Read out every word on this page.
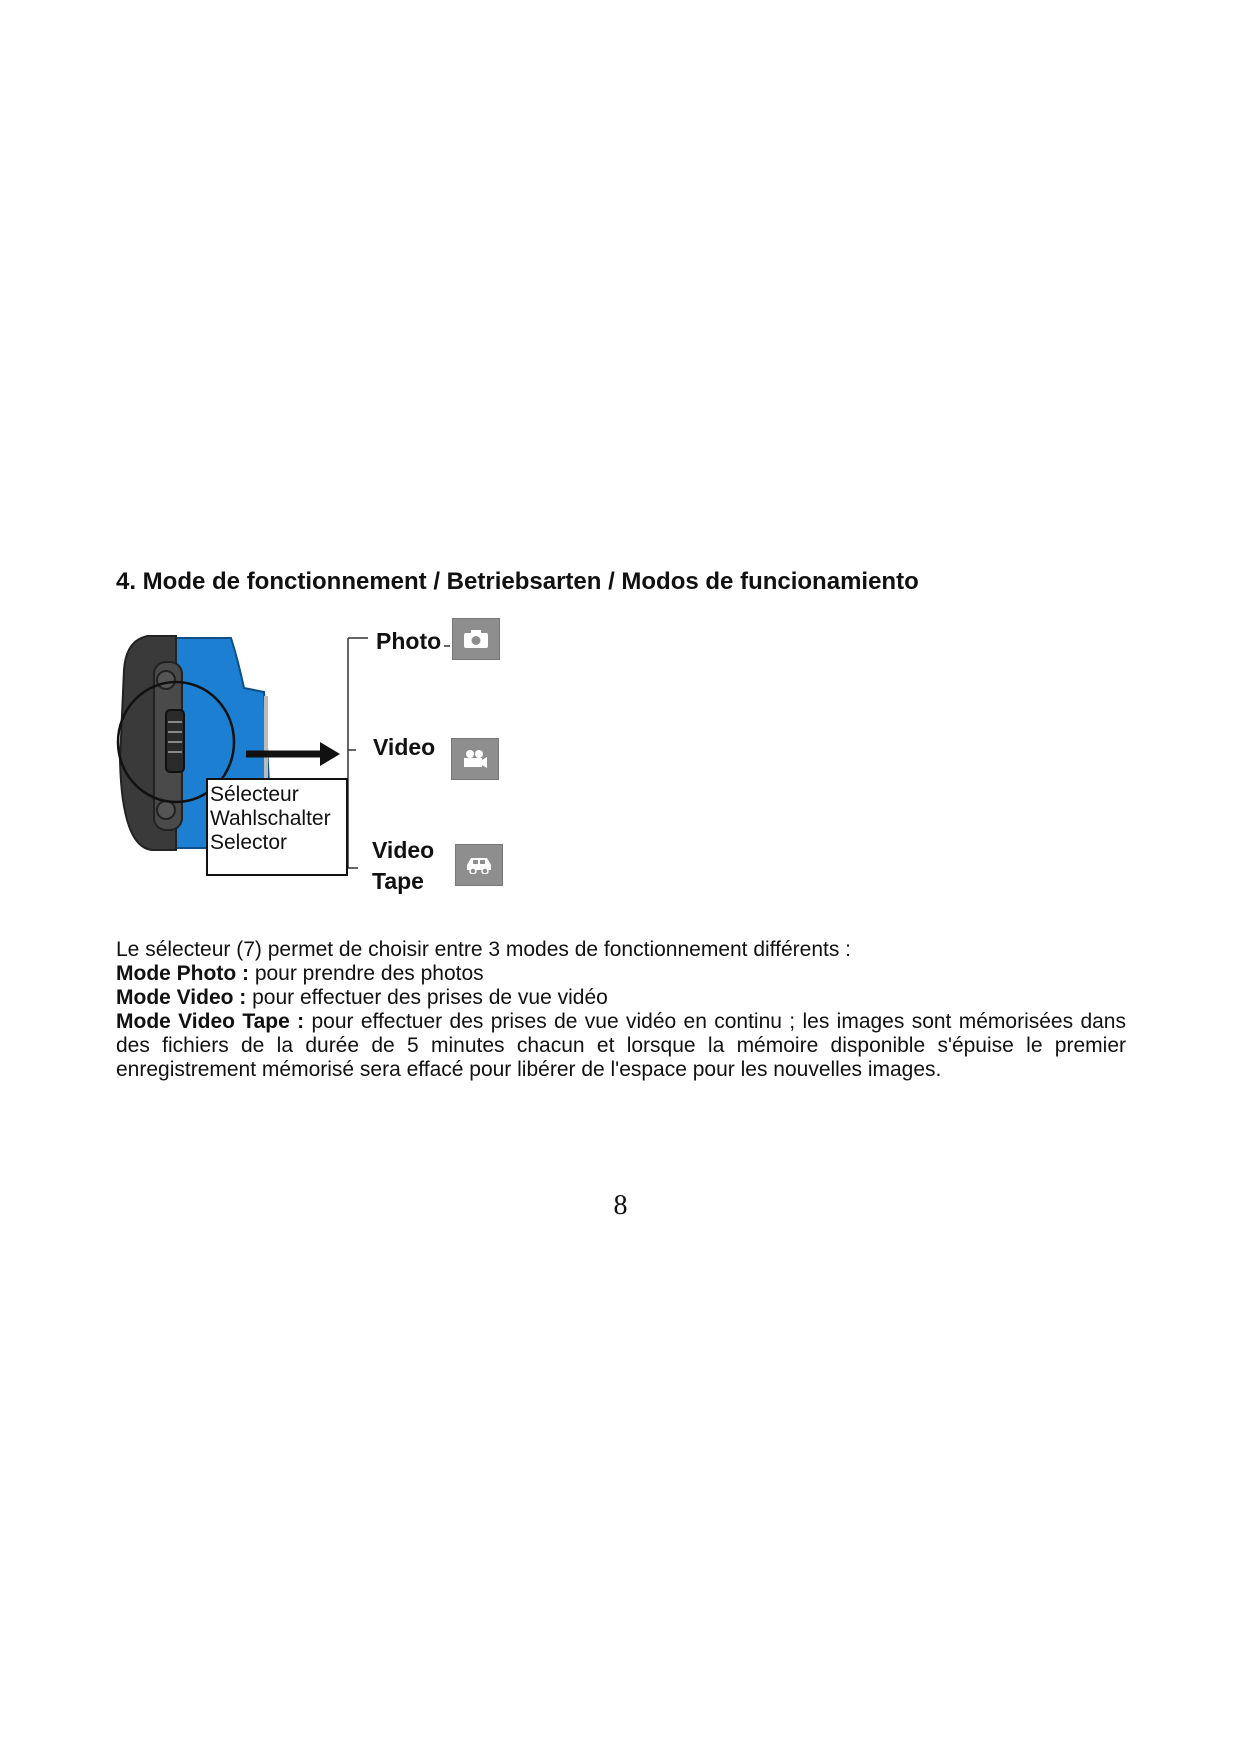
4. Mode de fonctionnement / Betriebsarten / Modos de funcionamiento
Sélecteur
Wahlschalter
Selector
Photo
Video
Video
Tape

Le sélecteur (7) permet de choisir entre 3 modes de fonctionnement différents :

Mode Photo : pour prendre des photos

Mode Video : pour effectuer des prises de vue vidéo

Mode Video Tape : pour effectuer des prises de vue vidéo en continu ; les images sont mémorisées dans des fichiers de la durée de 5 minutes chacun et lorsque la mémoire disponible s'épuise le premier enregistrement mémorisé sera effacé pour libérer de l'espace pour les nouvelles images.

8
